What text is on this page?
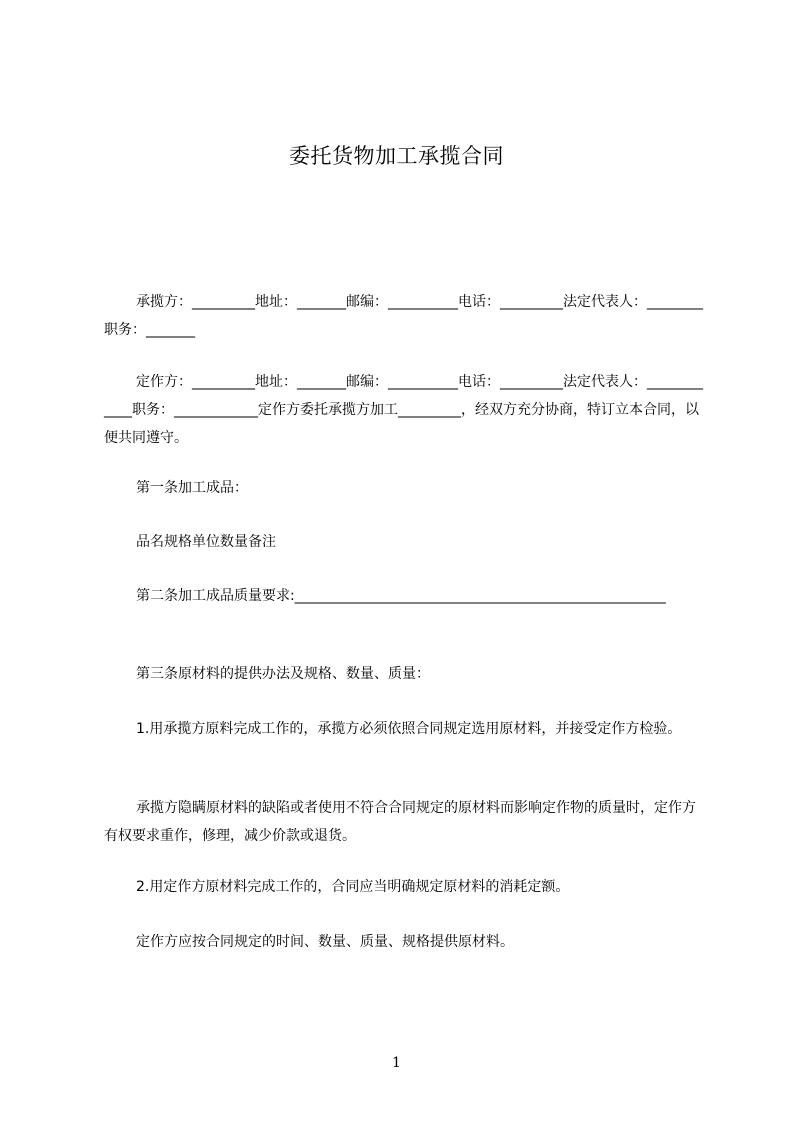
委托货物加工承揽合同

承揽方：_________地址：_______邮编：__________电话：_________法定代表人：________职务：_______

定作方：_________地址：_______邮编：__________电话：_________法定代表人：____________职务：____________定作方委托承揽方加工_________，经双方充分协商，特订立本合同，以便共同遵守。

第一条加工成品：

品名规格单位数量备注

第二条加工成品质量要求:_____________________________________________________

第三条原材料的提供办法及规格、数量、质量：

1.用承揽方原料完成工作的，承揽方必须依照合同规定选用原材料，并接受定作方检验。

承揽方隐瞒原材料的缺陷或者使用不符合合同规定的原材料而影响定作物的质量时，定作方有权要求重作，修理，减少价款或退货。

2.用定作方原材料完成工作的，合同应当明确规定原材料的消耗定额。

定作方应按合同规定的时间、数量、质量、规格提供原材料。

1
